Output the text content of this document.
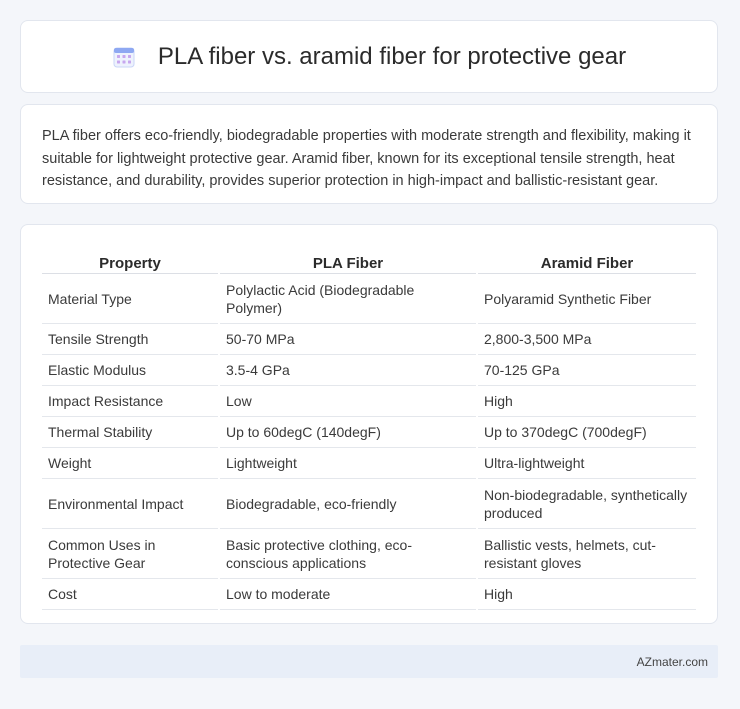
PLA fiber vs. aramid fiber for protective gear

PLA fiber offers eco-friendly, biodegradable properties with moderate strength and flexibility, making it suitable for lightweight protective gear. Aramid fiber, known for its exceptional tensile strength, heat resistance, and durability, provides superior protection in high-impact and ballistic-resistant gear.

Property	PLA Fiber	Aramid Fiber
Material Type	Polylactic Acid (Biodegradable Polymer)	Polyaramid Synthetic Fiber
Tensile Strength	50-70 MPa	2,800-3,500 MPa
Elastic Modulus	3.5-4 GPa	70-125 GPa
Impact Resistance	Low	High
Thermal Stability	Up to 60degC (140degF)	Up to 370degC (700degF)
Weight	Lightweight	Ultra-lightweight
Environmental Impact	Biodegradable, eco-friendly	Non-biodegradable, synthetically produced
Common Uses in Protective Gear	Basic protective clothing, eco-conscious applications	Ballistic vests, helmets, cut-resistant gloves
Cost	Low to moderate	High
AZmater.com
